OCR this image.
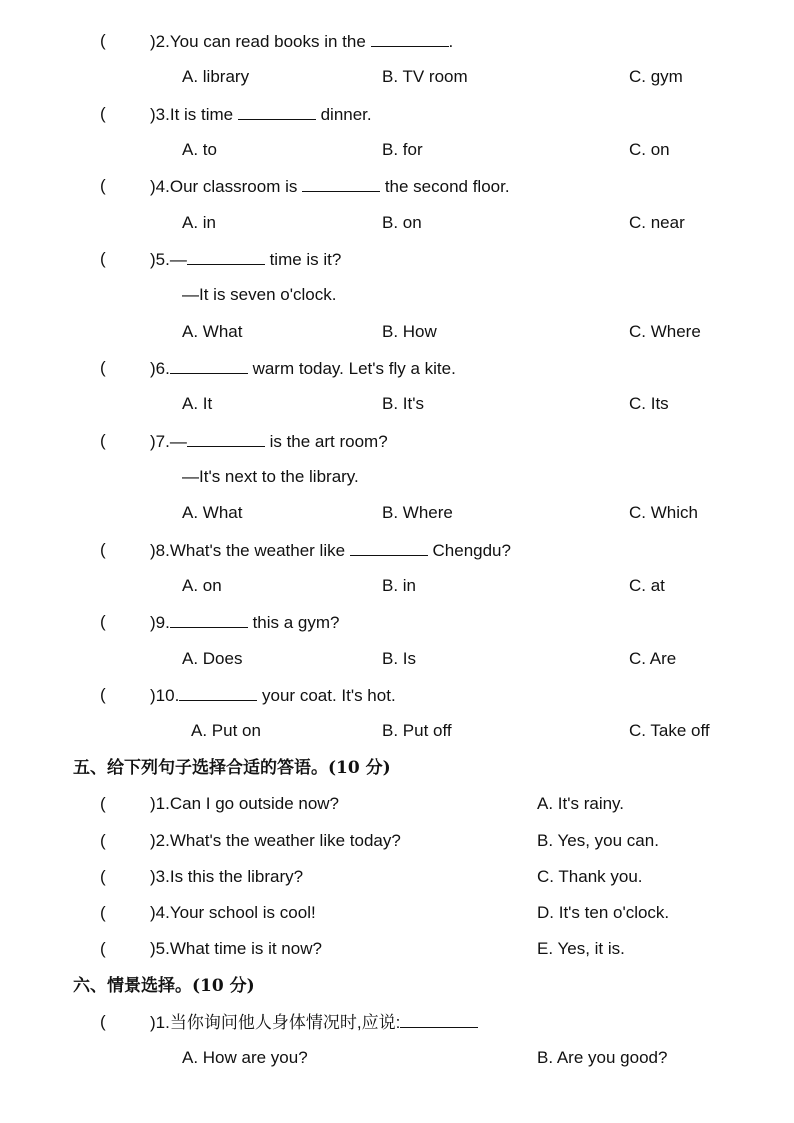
(	)2.You can read books in the	.
A. library	B. TV room	C. gym
(	)3.It is time	dinner.
A. to	B. for	C. on
(	)4.Our classroom is	the second floor.
A. in	B. on	C. near
(	)5.—	time is it?
—It is seven o'clock.
A. What	B. How	C. Where
(	)6.	warm today. Let's fly a kite.
A. It	B. It's	C. Its
(	)7.—	is the art room?
—It's next to the library.
A. What	B. Where	C. Which
(	)8.What's the weather like	Chengdu?
A. on	B. in	C. at
(	)9.	this a gym?
A. Does	B. Is	C. Are
(	)10.	your coat. It's hot.
A. Put on	B. Put off	C. Take off
五、给下列句子选择合适的答语。(10 分)
(	)1.Can I go outside now?	A. It's rainy.
(	)2.What's the weather like today?	B. Yes, you can.
(	)3.Is this the library?	C. Thank you.
(	)4.Your school is cool!	D. It's ten o'clock.
(	)5.What time is it now?	E. Yes, it is.
六、情景选择。(10 分)
(	)1.当你询问他人身体情况时,应说:
A. How are you?	B. Are you good?
